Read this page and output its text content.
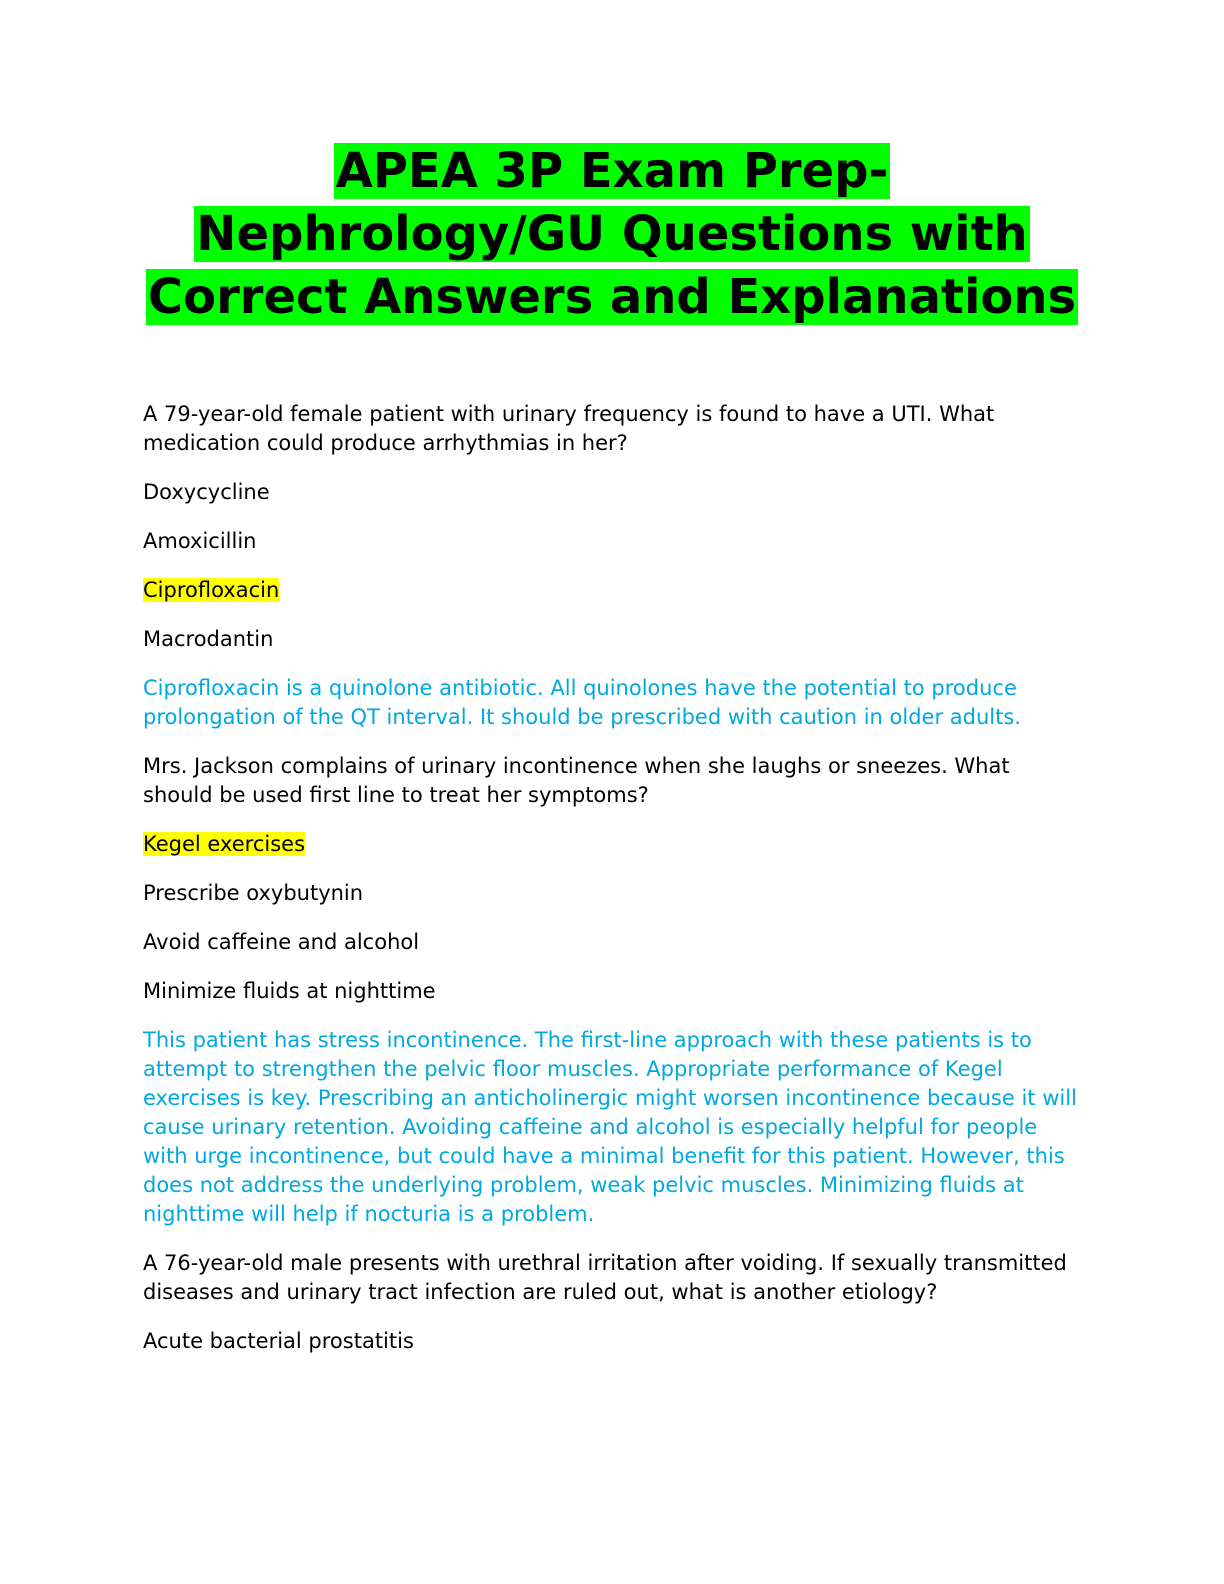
APEA 3P Exam Prep-
Nephrology/GU Questions with
Correct Answers and Explanations

A 79-year-old female patient with urinary frequency is found to have a UTI. What medication could produce arrhythmias in her?

Doxycycline

Amoxicillin

Ciprofloxacin

Macrodantin

Ciprofloxacin is a quinolone antibiotic. All quinolones have the potential to produce prolongation of the QT interval. It should be prescribed with caution in older adults.

Mrs. Jackson complains of urinary incontinence when she laughs or sneezes. What should be used first line to treat her symptoms?

Kegel exercises

Prescribe oxybutynin

Avoid caffeine and alcohol

Minimize fluids at nighttime

This patient has stress incontinence. The first-line approach with these patients is to attempt to strengthen the pelvic floor muscles. Appropriate performance of Kegel exercises is key. Prescribing an anticholinergic might worsen incontinence because it will cause urinary retention. Avoiding caffeine and alcohol is especially helpful for people with urge incontinence, but could have a minimal benefit for this patient. However, this does not address the underlying problem, weak pelvic muscles. Minimizing fluids at nighttime will help if nocturia is a problem.

A 76-year-old male presents with urethral irritation after voiding. If sexually transmitted diseases and urinary tract infection are ruled out, what is another etiology?

Acute bacterial prostatitis
